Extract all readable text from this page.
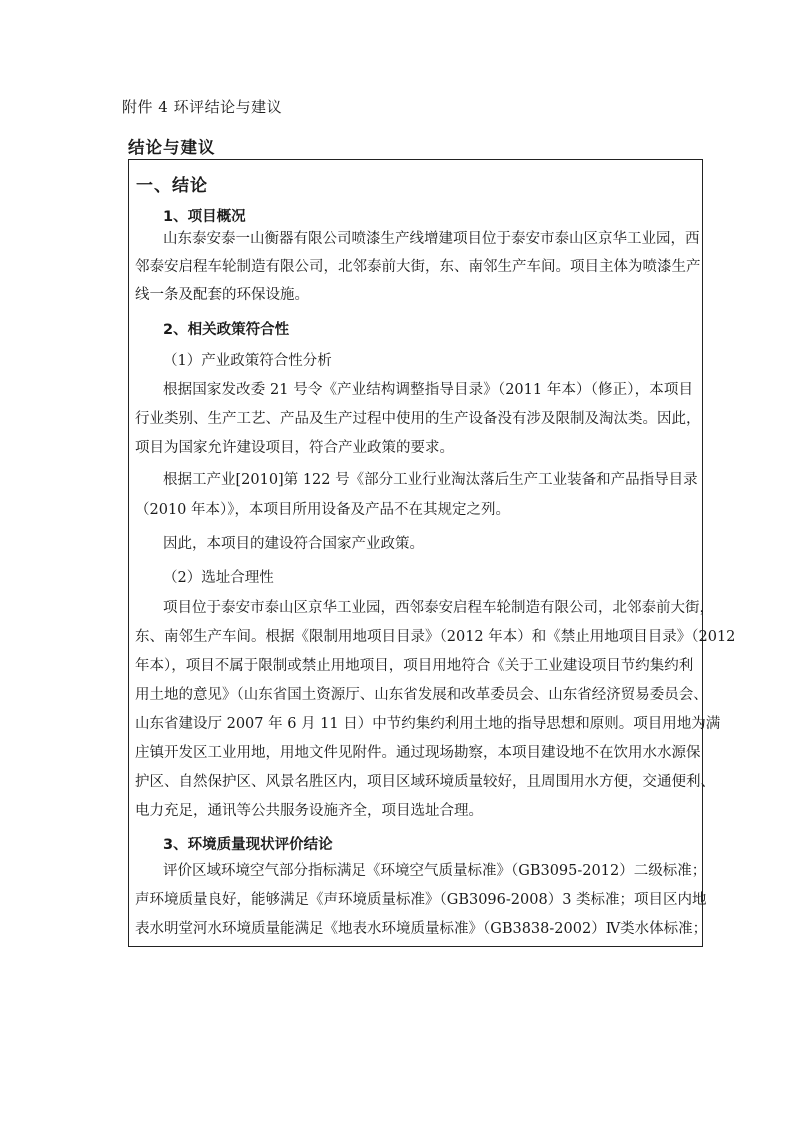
附件 4 环评结论与建议
结论与建议
一、结论
1、项目概况
山东泰安泰一山衡器有限公司喷漆生产线增建项目位于泰安市泰山区京华工业园，西
邻泰安启程车轮制造有限公司，北邻泰前大街，东、南邻生产车间。项目主体为喷漆生产
线一条及配套的环保设施。
2、相关政策符合性
（1）产业政策符合性分析
根据国家发改委 21 号令《产业结构调整指导目录》（2011 年本）（修正），本项目
行业类别、生产工艺、产品及生产过程中使用的生产设备没有涉及限制及淘汰类。因此，
项目为国家允许建设项目，符合产业政策的要求。
根据工产业[2010]第 122 号《部分工业行业淘汰落后生产工业装备和产品指导目录
（2010 年本）》，本项目所用设备及产品不在其规定之列。
因此，本项目的建设符合国家产业政策。
（2）选址合理性
项目位于泰安市泰山区京华工业园，西邻泰安启程车轮制造有限公司，北邻泰前大街，
东、南邻生产车间。根据《限制用地项目目录》（2012 年本）和《禁止用地项目目录》（2012
年本），项目不属于限制或禁止用地项目，项目用地符合《关于工业建设项目节约集约利
用土地的意见》（山东省国土资源厅、山东省发展和改革委员会、山东省经济贸易委员会、
山东省建设厅 2007 年 6 月 11 日）中节约集约利用土地的指导思想和原则。项目用地为满
庄镇开发区工业用地，用地文件见附件。通过现场勘察，本项目建设地不在饮用水水源保
护区、自然保护区、风景名胜区内，项目区域环境质量较好，且周围用水方便，交通便利、
电力充足，通讯等公共服务设施齐全，项目选址合理。
3、环境质量现状评价结论
评价区域环境空气部分指标满足《环境空气质量标准》（GB3095-2012）二级标准；
声环境质量良好，能够满足《声环境质量标准》（GB3096-2008）3 类标准；项目区内地
表水明堂河水环境质量能满足《地表水环境质量标准》（GB3838-2002）Ⅳ类水体标准；
